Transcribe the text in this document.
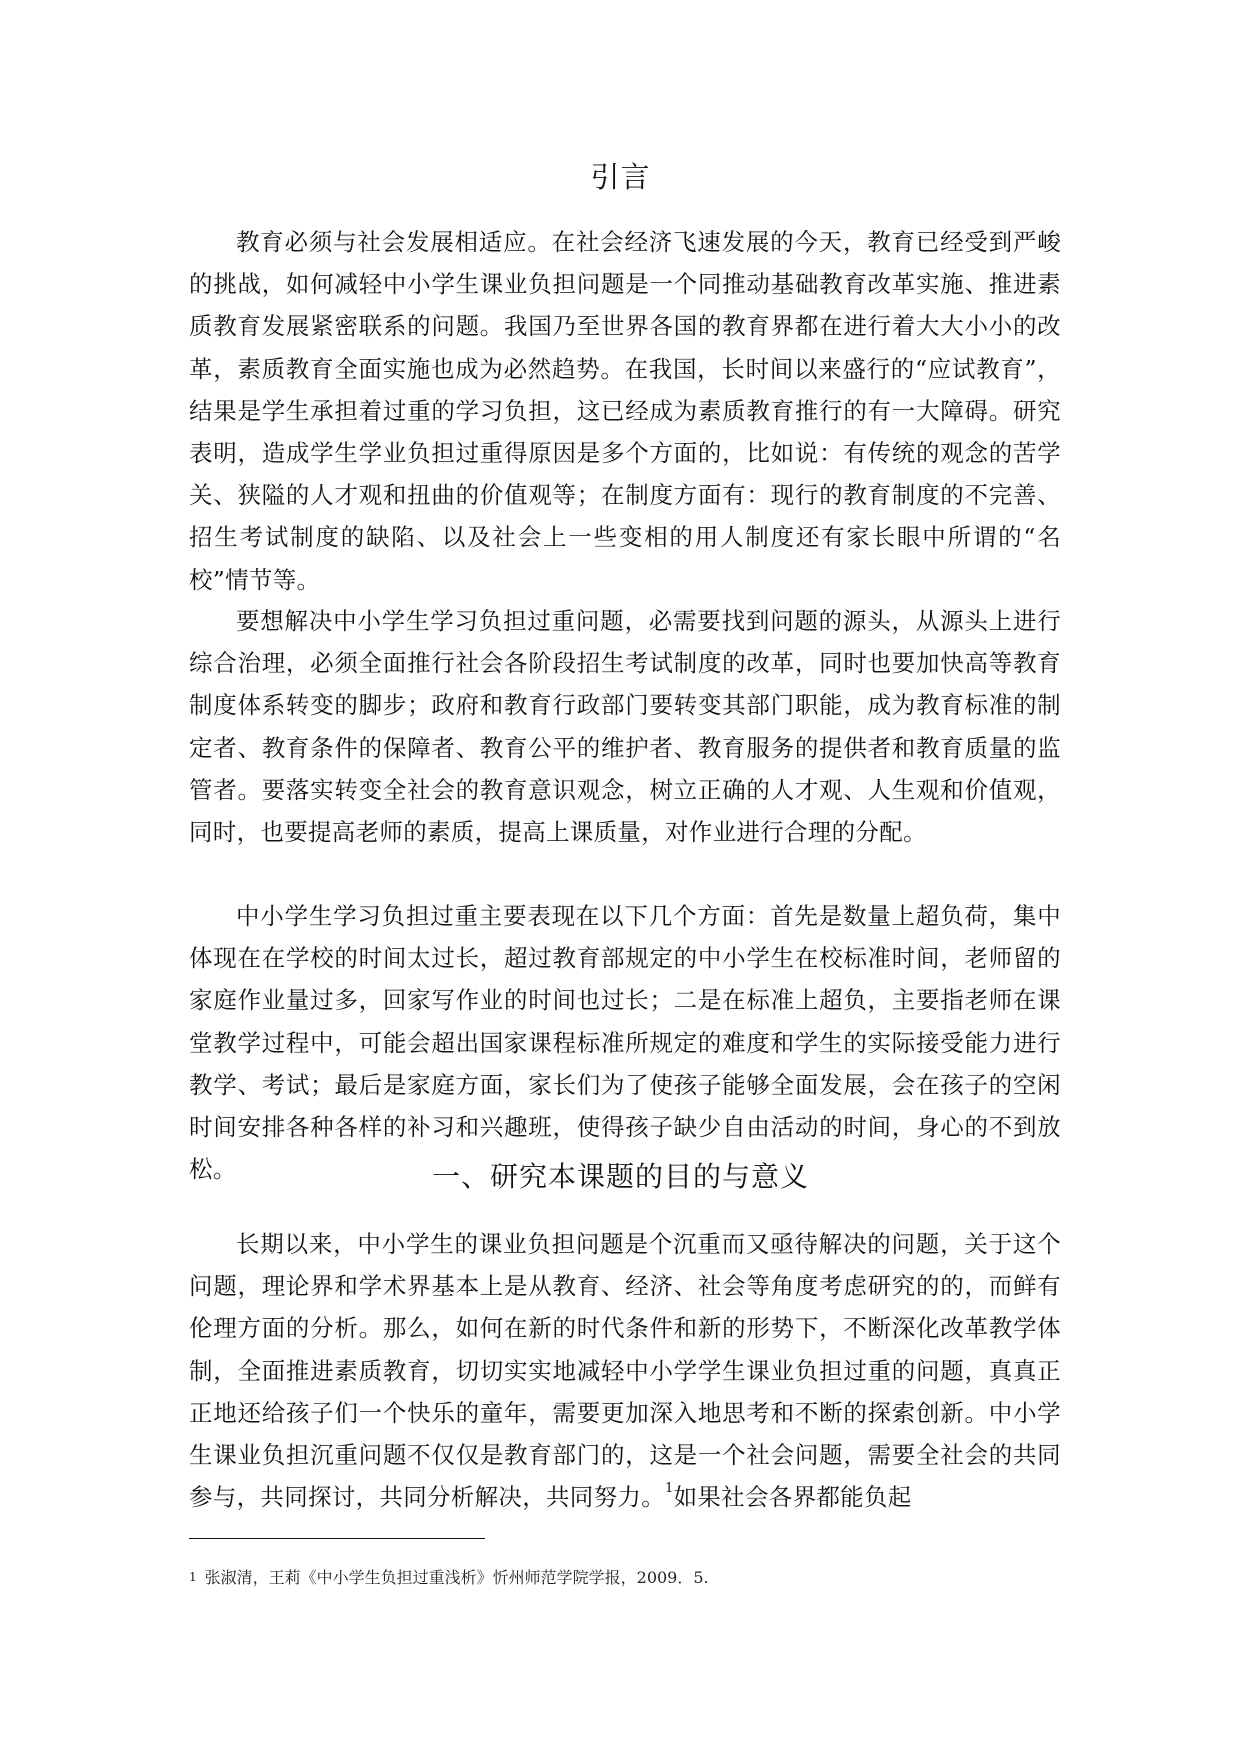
引言

教育必须与社会发展相适应。在社会经济飞速发展的今天，教育已经受到严峻的挑战，如何减轻中小学生课业负担问题是一个同推动基础教育改革实施、推进素质教育发展紧密联系的问题。我国乃至世界各国的教育界都在进行着大大小小的改革，素质教育全面实施也成为必然趋势。在我国，长时间以来盛行的“应试教育”，结果是学生承担着过重的学习负担，这已经成为素质教育推行的有一大障碍。研究表明，造成学生学业负担过重得原因是多个方面的，比如说：有传统的观念的苦学关、狭隘的人才观和扭曲的价值观等；在制度方面有：现行的教育制度的不完善、招生考试制度的缺陷、以及社会上一些变相的用人制度还有家长眼中所谓的“名校”情节等。

要想解决中小学生学习负担过重问题，必需要找到问题的源头，从源头上进行综合治理，必须全面推行社会各阶段招生考试制度的改革，同时也要加快高等教育制度体系转变的脚步；政府和教育行政部门要转变其部门职能，成为教育标准的制定者、教育条件的保障者、教育公平的维护者、教育服务的提供者和教育质量的监管者。要落实转变全社会的教育意识观念，树立正确的人才观、人生观和价值观，同时，也要提高老师的素质，提高上课质量，对作业进行合理的分配。

中小学生学习负担过重主要表现在以下几个方面：首先是数量上超负荷，集中体现在在学校的时间太过长，超过教育部规定的中小学生在校标准时间，老师留的家庭作业量过多，回家写作业的时间也过长；二是在标准上超负，主要指老师在课堂教学过程中，可能会超出国家课程标准所规定的难度和学生的实际接受能力进行教学、考试；最后是家庭方面，家长们为了使孩子能够全面发展，会在孩子的空闲时间安排各种各样的补习和兴趣班，使得孩子缺少自由活动的时间，身心的不到放松。	一、研究本课题的目的与意义

长期以来，中小学生的课业负担问题是个沉重而又亟待解决的问题，关于这个问题，理论界和学术界基本上是从教育、经济、社会等角度考虑研究的的，而鲜有伦理方面的分析。那么，如何在新的时代条件和新的形势下，不断深化改革教学体制，全面推进素质教育，切切实实地减轻中小学学生课业负担过重的问题，真真正正地还给孩子们一个快乐的童年，需要更加深入地思考和不断的探索创新。中小学生课业负担沉重问题不仅仅是教育部门的，这是一个社会问题，需要全社会的共同参与，共同探讨，共同分析解决，共同努力。$^1$如果社会各界都能负起

$^1$ 张淑清，王莉《中小学生负担过重浅析》忻州师范学院学报，2009．5.
